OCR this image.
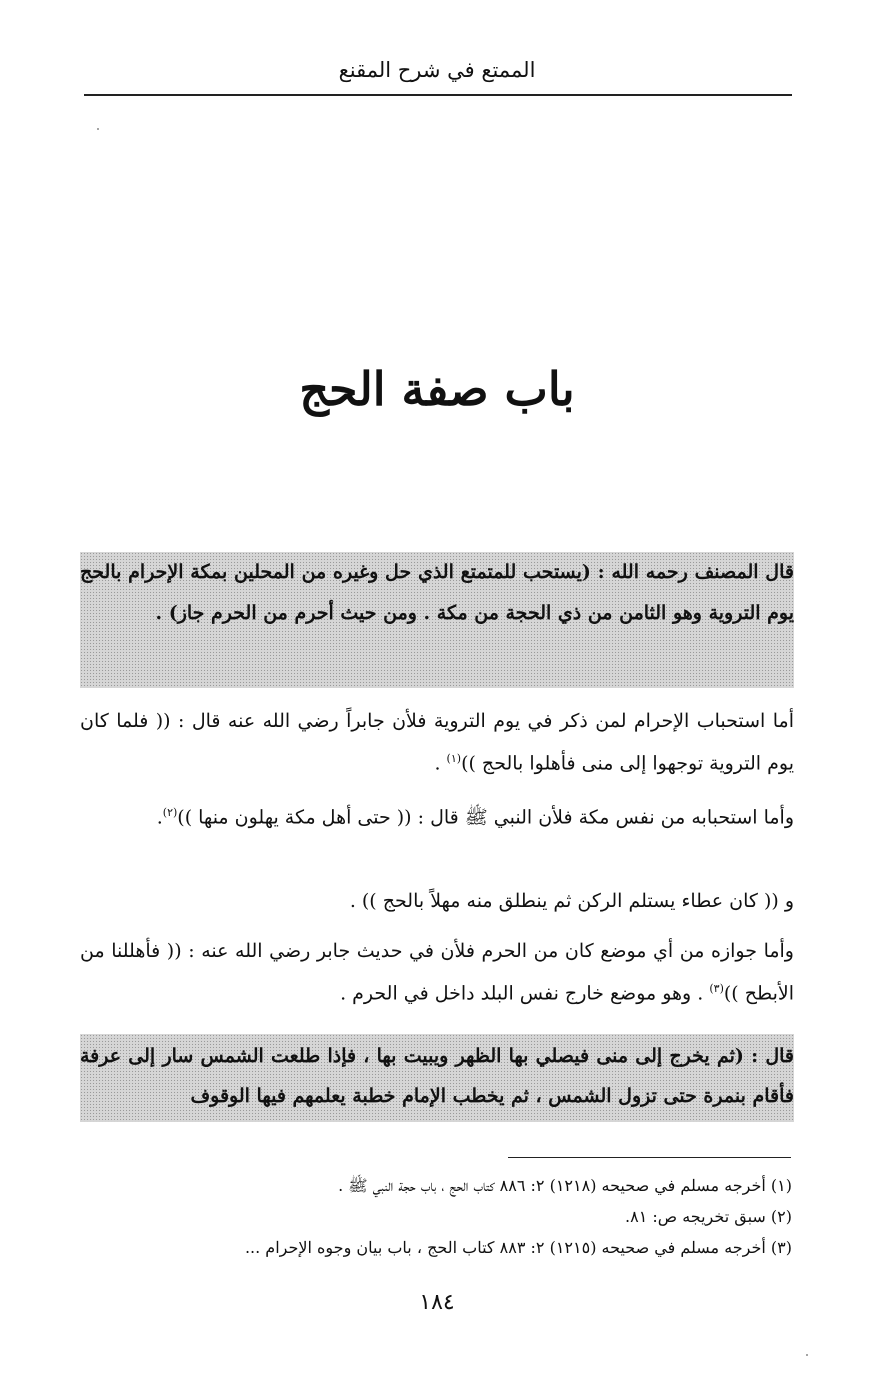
الممتع في شرح المقنع
باب صفة الحج
قال المصنف رحمه الله : (يستحب للمتمتع الذي حل وغيره من المحلين بمكة الإحرام بالحج يوم التروية وهو الثامن من ذي الحجة من مكة . ومن حيث أحرم من الحرم جاز) .
أما استحباب الإحرام لمن ذكر في يوم التروية فلأن جابراً رضي الله عنه قال : (( فلما كان يوم التروية توجهوا إلى منى فأهلوا بالحج ))$^{(١)}$ .
وأما استحبابه من نفس مكة فلأن النبي ﷺ قال : (( حتى أهل مكة يهلون منها ))$^{(٢)}$.
و (( كان عطاء يستلم الركن ثم ينطلق منه مهلاً بالحج )) .
وأما جوازه من أي موضع كان من الحرم فلأن في حديث جابر رضي الله عنه : (( فأهللنا من الأبطح ))$^{(٣)}$ . وهو موضع خارج نفس البلد داخل في الحرم .
قال : (ثم يخرج إلى منى فيصلي بها الظهر ويبيت بها ، فإذا طلعت الشمس سار إلى عرفة فأقام بنمرة حتى تزول الشمس ، ثم يخطب الإمام خطبة يعلمهم فيها الوقوف
(١) أخرجه مسلم في صحيحه (١٢١٨) ٢: ٨٨٦ كتاب الحج ، باب حجة النبي ﷺ .
(٢) سبق تخريجه ص: ٨١.
(٣) أخرجه مسلم في صحيحه (١٢١٥) ٢: ٨٨٣ كتاب الحج ، باب بيان وجوه الإحرام ...
١٨٤
